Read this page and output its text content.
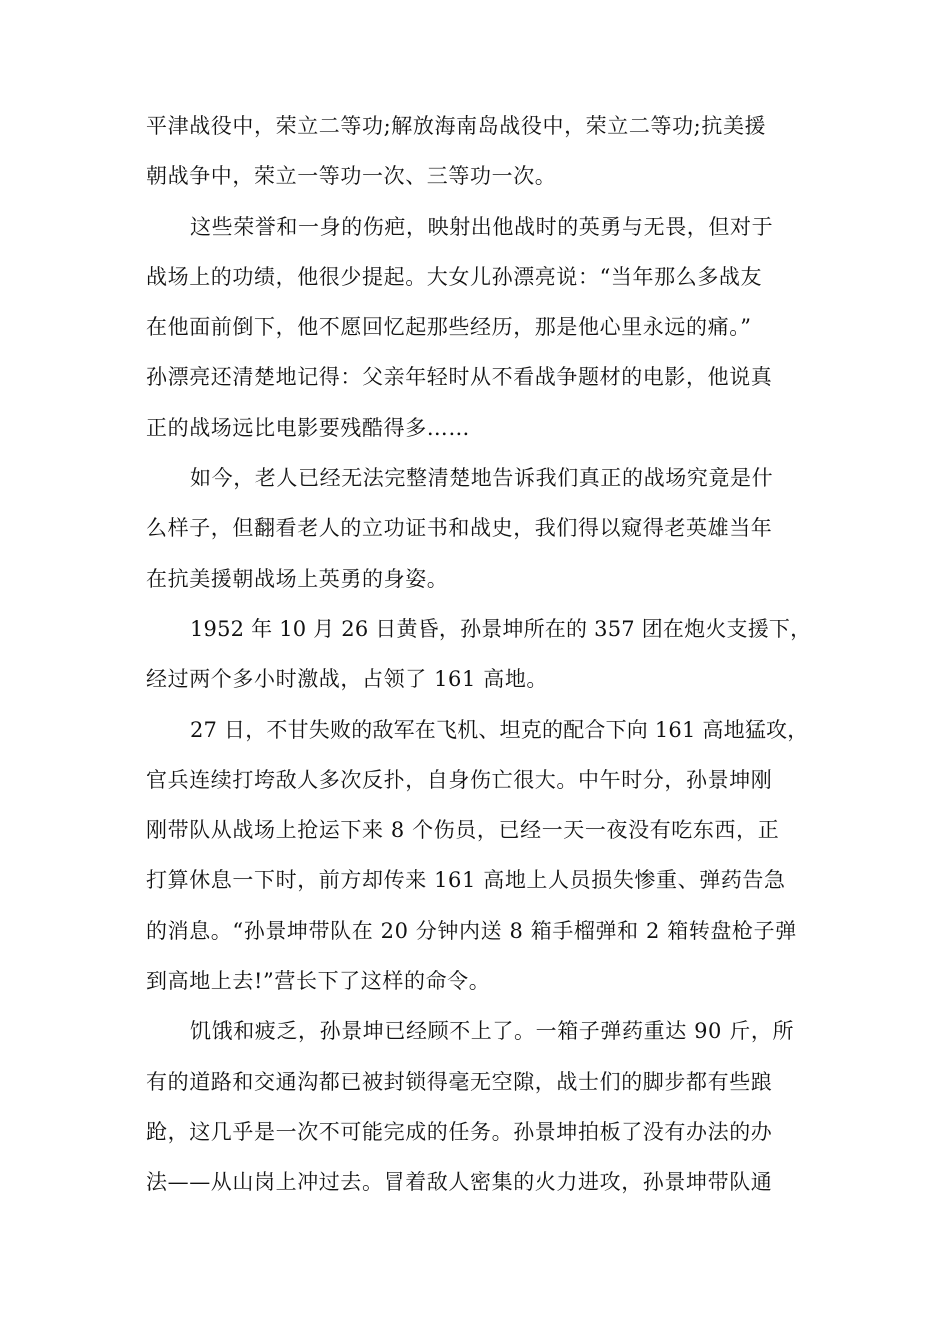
平津战役中，荣立二等功;解放海南岛战役中，荣立二等功;抗美援
朝战争中，荣立一等功一次、三等功一次。
这些荣誉和一身的伤疤，映射出他战时的英勇与无畏，但对于
战场上的功绩，他很少提起。大女儿孙漂亮说：“当年那么多战友
在他面前倒下，他不愿回忆起那些经历，那是他心里永远的痛。”
孙漂亮还清楚地记得：父亲年轻时从不看战争题材的电影，他说真
正的战场远比电影要残酷得多……
如今，老人已经无法完整清楚地告诉我们真正的战场究竟是什
么样子，但翻看老人的立功证书和战史，我们得以窥得老英雄当年
在抗美援朝战场上英勇的身姿。
1952 年 10 月 26 日黄昏，孙景坤所在的 357 团在炮火支援下，
经过两个多小时激战，占领了 161 高地。
27 日，不甘失败的敌军在飞机、坦克的配合下向 161 高地猛攻，
官兵连续打垮敌人多次反扑，自身伤亡很大。中午时分，孙景坤刚
刚带队从战场上抢运下来 8 个伤员，已经一天一夜没有吃东西，正
打算休息一下时，前方却传来 161 高地上人员损失惨重、弹药告急
的消息。“孙景坤带队在 20 分钟内送 8 箱手榴弹和 2 箱转盘枪子弹
到高地上去!”营长下了这样的命令。
饥饿和疲乏，孙景坤已经顾不上了。一箱子弹药重达 90 斤，所
有的道路和交通沟都已被封锁得毫无空隙，战士们的脚步都有些踉
跄，这几乎是一次不可能完成的任务。孙景坤拍板了没有办法的办
法——从山岗上冲过去。冒着敌人密集的火力进攻，孙景坤带队通
